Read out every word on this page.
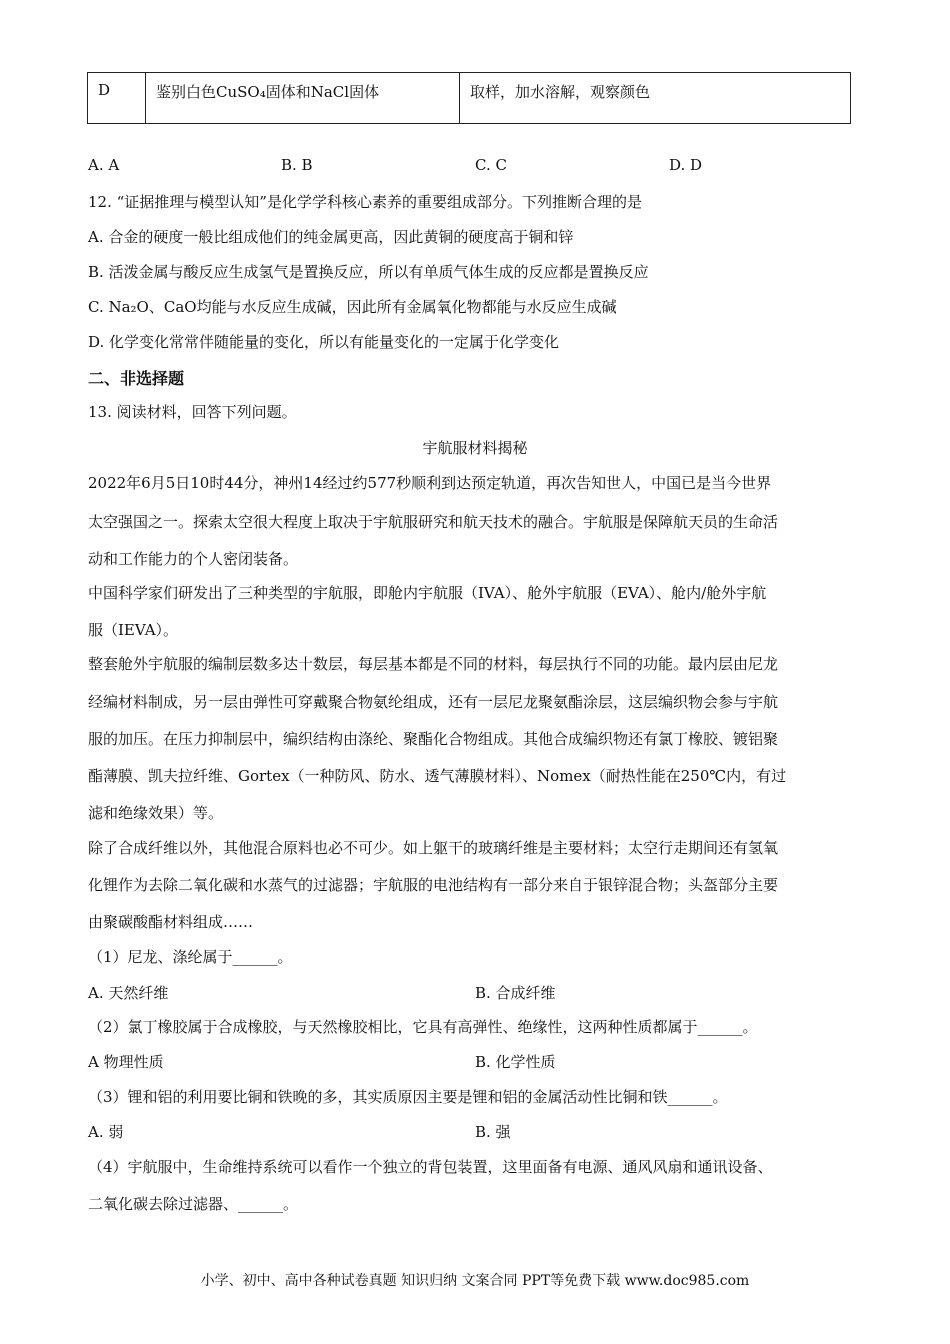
D	鉴别白色CuSO₄固体和NaCl固体	取样，加水溶解，观察颜色
A. A	B. B	C. C	D. D
12. “证据推理与模型认知”是化学学科核心素养的重要组成部分。下列推断合理的是
A. 合金的硬度一般比组成他们的纯金属更高，因此黄铜的硬度高于铜和锌
B. 活泼金属与酸反应生成氢气是置换反应，所以有单质气体生成的反应都是置换反应
C. Na₂O、CaO均能与水反应生成碱，因此所有金属氧化物都能与水反应生成碱
D. 化学变化常常伴随能量的变化，所以有能量变化的一定属于化学变化
二、非选择题
13. 阅读材料，回答下列问题。
宇航服材料揭秘
2022年6月5日10时44分，神州14经过约577秒顺利到达预定轨道，再次告知世人，中国已是当今世界
太空强国之一。探索太空很大程度上取决于宇航服研究和航天技术的融合。宇航服是保障航天员的生命活
动和工作能力的个人密闭装备。
中国科学家们研发出了三种类型的宇航服，即舱内宇航服（IVA）、舱外宇航服（EVA）、舱内/舱外宇航
服（IEVA）。
整套舱外宇航服的编制层数多达十数层，每层基本都是不同的材料，每层执行不同的功能。最内层由尼龙
经编材料制成，另一层由弹性可穿戴聚合物氨纶组成，还有一层尼龙聚氨酯涂层，这层编织物会参与宇航
服的加压。在压力抑制层中，编织结构由涤纶、聚酯化合物组成。其他合成编织物还有氯丁橡胶、镀铝聚
酯薄膜、凯夫拉纤维、Gortex（一种防风、防水、透气薄膜材料）、Nomex（耐热性能在250℃内，有过
滤和绝缘效果）等。
除了合成纤维以外，其他混合原料也必不可少。如上躯干的玻璃纤维是主要材料；太空行走期间还有氢氧
化锂作为去除二氧化碳和水蒸气的过滤器；宇航服的电池结构有一部分来自于银锌混合物；头盔部分主要
由聚碳酸酯材料组成……
（1）尼龙、涤纶属于______。
A. 天然纤维	B. 合成纤维
（2）氯丁橡胶属于合成橡胶，与天然橡胶相比，它具有高弹性、绝缘性，这两种性质都属于______。
A 物理性质	B. 化学性质
（3）锂和铝的利用要比铜和铁晚的多，其实质原因主要是锂和铝的金属活动性比铜和铁______。
A. 弱	B. 强
（4）宇航服中，生命维持系统可以看作一个独立的背包装置，这里面备有电源、通风风扇和通讯设备、
二氧化碳去除过滤器、______。
小学、初中、高中各种试卷真题 知识归纳 文案合同 PPT等免费下载 www.doc985.com
